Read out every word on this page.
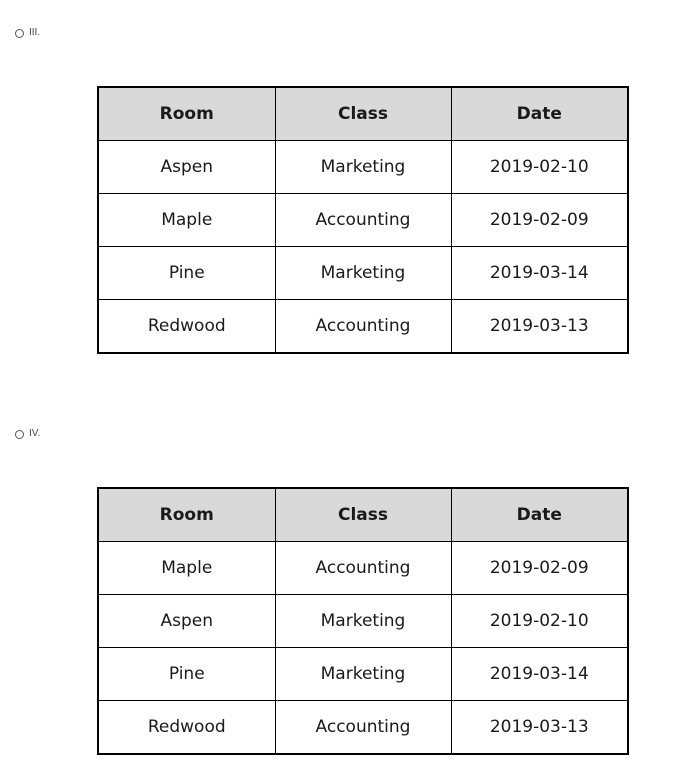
III.
Room	Class	Date
Aspen	Marketing	2019-02-10
Maple	Accounting	2019-02-09
Pine	Marketing	2019-03-14
Redwood	Accounting	2019-03-13
IV.
Room	Class	Date
Maple	Accounting	2019-02-09
Aspen	Marketing	2019-02-10
Pine	Marketing	2019-03-14
Redwood	Accounting	2019-03-13
